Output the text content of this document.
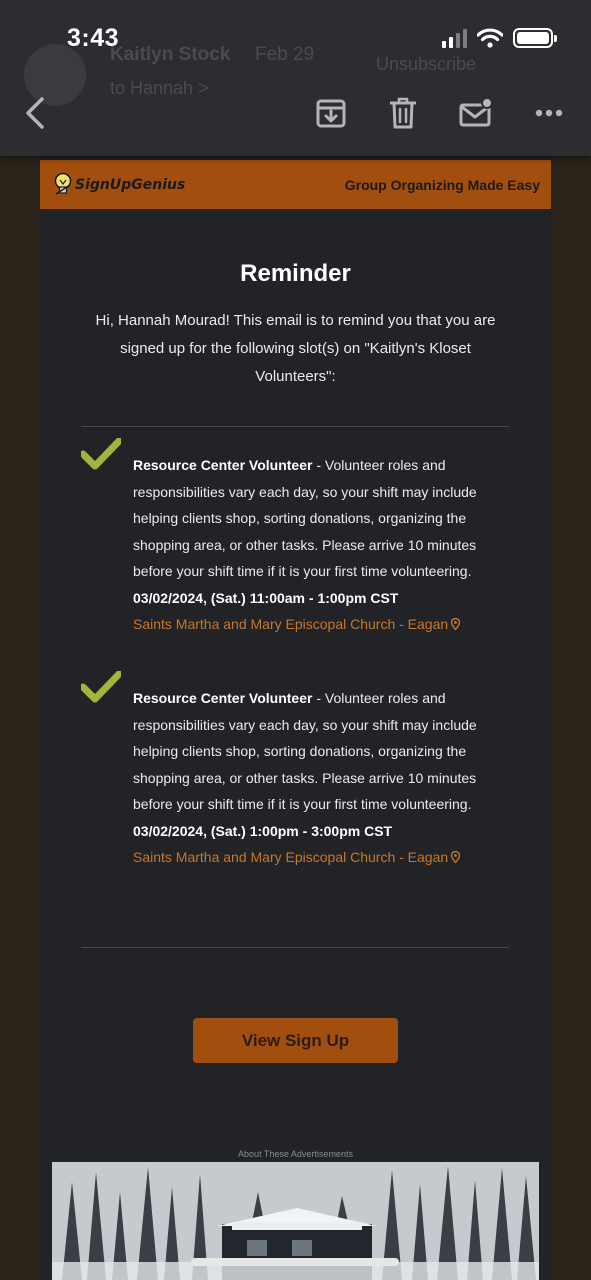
SignUpGenius	Group Organizing Made Easy
Reminder
Hi, Hannah Mourad! This email is to remind you that you are signed up for the following slot(s) on "Kaitlyn's Kloset Volunteers":
Resource Center Volunteer - Volunteer roles and responsibilities vary each day, so your shift may include helping clients shop, sorting donations, organizing the shopping area, or other tasks. Please arrive 10 minutes before your shift time if it is your first time volunteering.
03/02/2024, (Sat.) 11:00am - 1:00pm CST
Saints Martha and Mary Episcopal Church - Eagan
Resource Center Volunteer - Volunteer roles and responsibilities vary each day, so your shift may include helping clients shop, sorting donations, organizing the shopping area, or other tasks. Please arrive 10 minutes before your shift time if it is your first time volunteering.
03/02/2024, (Sat.) 1:00pm - 3:00pm CST
Saints Martha and Mary Episcopal Church - Eagan
View Sign Up
About These Advertisements
Kaitlyn Stock Feb 29	Unsubscribe
to Hannah >
3:43
